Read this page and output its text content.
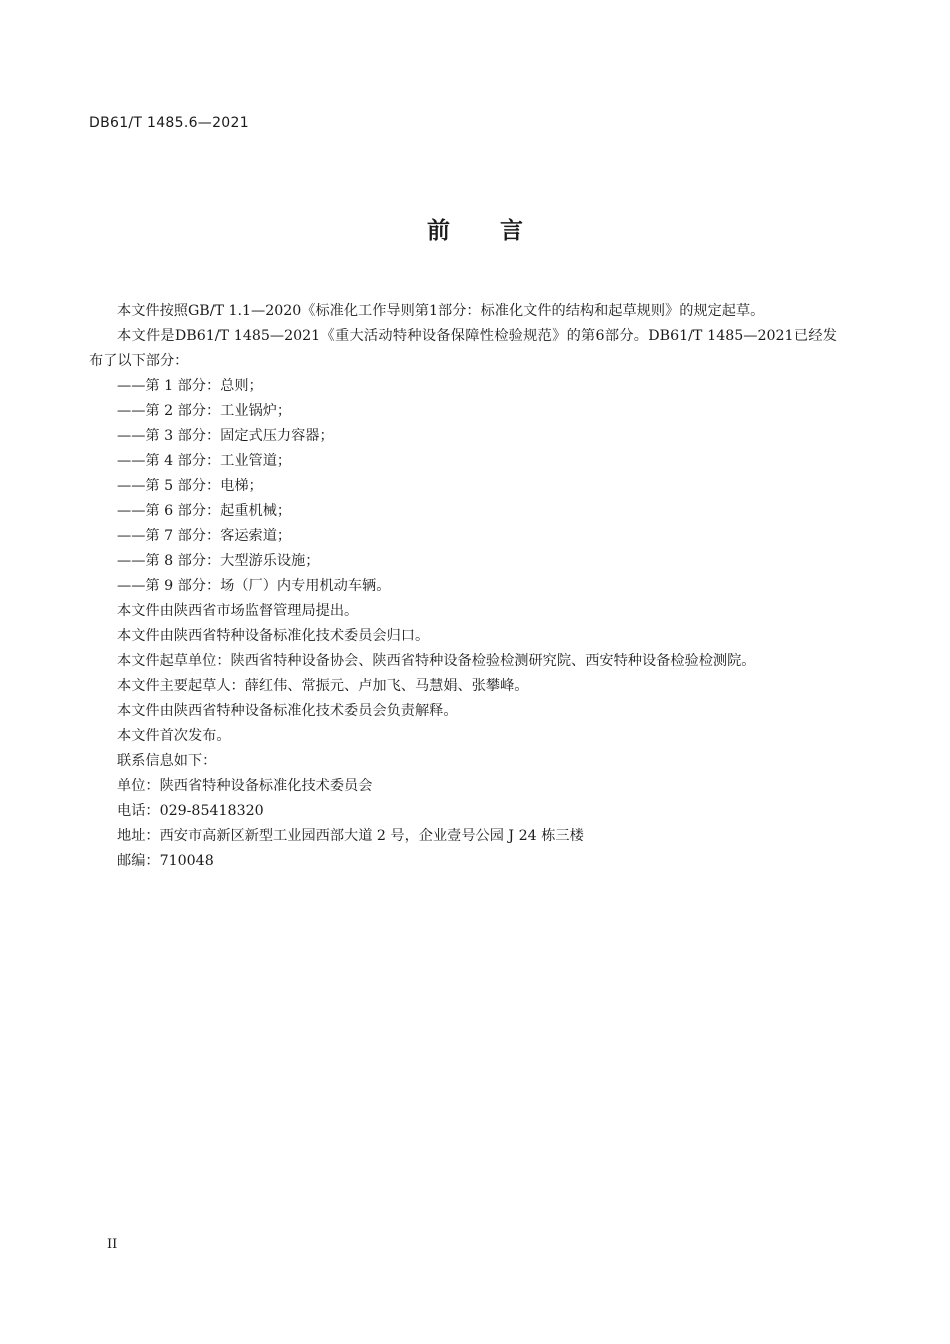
DB61/T 1485.6—2021
前言

本文件按照GB/T 1.1—2020《标准化工作导则第1部分：标准化文件的结构和起草规则》的规定起草。

本文件是DB61/T 1485—2021《重大活动特种设备保障性检验规范》的第6部分。DB61/T 1485—2021已经发布了以下部分：

——第 1 部分：总则；

——第 2 部分：工业锅炉；

——第 3 部分：固定式压力容器；

——第 4 部分：工业管道；

——第 5 部分：电梯；

——第 6 部分：起重机械；

——第 7 部分：客运索道；

——第 8 部分：大型游乐设施；

——第 9 部分：场（厂）内专用机动车辆。

本文件由陕西省市场监督管理局提出。

本文件由陕西省特种设备标准化技术委员会归口。

本文件起草单位：陕西省特种设备协会、陕西省特种设备检验检测研究院、西安特种设备检验检测院。

本文件主要起草人：薛红伟、常振元、卢加飞、马慧娟、张攀峰。

本文件由陕西省特种设备标准化技术委员会负责解释。

本文件首次发布。

联系信息如下：

单位：陕西省特种设备标准化技术委员会

电话：029-85418320

地址：西安市高新区新型工业园西部大道 2 号，企业壹号公园 J 24 栋三楼

邮编：710048

II
